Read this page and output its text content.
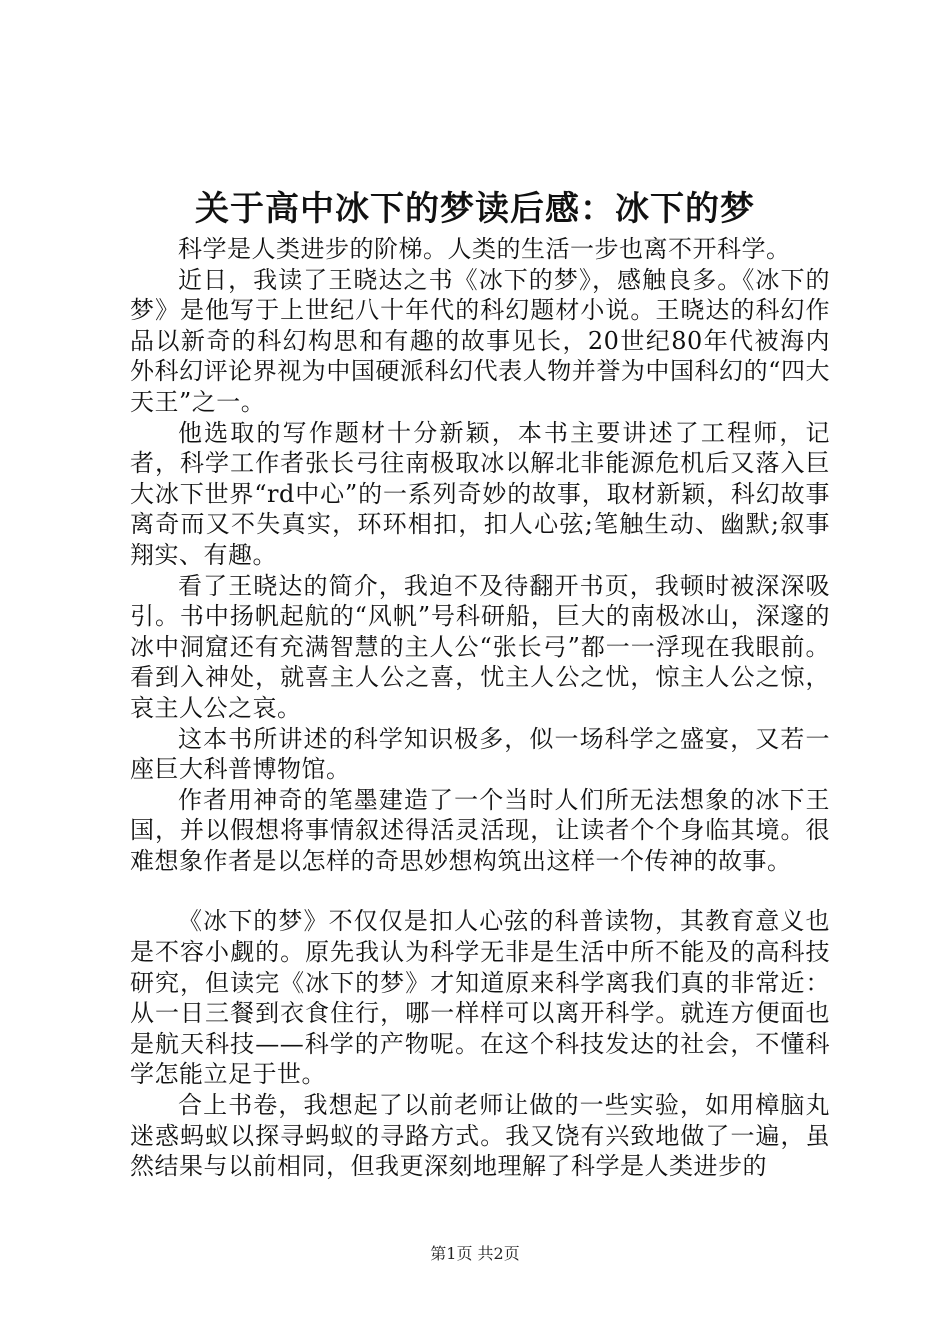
关于高中冰下的梦读后感：冰下的梦

科学是人类进步的阶梯。人类的生活一步也离不开科学。

近日，我读了王晓达之书《冰下的梦》，感触良多。《冰下的梦》是他写于上世纪八十年代的科幻题材小说。王晓达的科幻作品以新奇的科幻构思和有趣的故事见长，20世纪80年代被海内外科幻评论界视为中国硬派科幻代表人物并誉为中国科幻的“四大天王”之一。

他选取的写作题材十分新颖，本书主要讲述了工程师，记者，科学工作者张长弓往南极取冰以解北非能源危机后又落入巨大冰下世界“rd中心”的一系列奇妙的故事，取材新颖，科幻故事离奇而又不失真实，环环相扣，扣人心弦;笔触生动、幽默;叙事翔实、有趣。

看了王晓达的简介，我迫不及待翻开书页，我顿时被深深吸引。书中扬帆起航的“风帆”号科研船，巨大的南极冰山，深邃的冰中洞窟还有充满智慧的主人公“张长弓”都一一浮现在我眼前。看到入神处，就喜主人公之喜，忧主人公之忧，惊主人公之惊，哀主人公之哀。

这本书所讲述的科学知识极多，似一场科学之盛宴，又若一座巨大科普博物馆。

作者用神奇的笔墨建造了一个当时人们所无法想象的冰下王国，并以假想将事情叙述得活灵活现，让读者个个身临其境。很难想象作者是以怎样的奇思妙想构筑出这样一个传神的故事。

《冰下的梦》不仅仅是扣人心弦的科普读物，其教育意义也是不容小觑的。原先我认为科学无非是生活中所不能及的高科技研究，但读完《冰下的梦》才知道原来科学离我们真的非常近：从一日三餐到衣食住行，哪一样样可以离开科学。就连方便面也是航天科技——科学的产物呢。在这个科技发达的社会，不懂科学怎能立足于世。

合上书卷，我想起了以前老师让做的一些实验，如用樟脑丸迷惑蚂蚁以探寻蚂蚁的寻路方式。我又饶有兴致地做了一遍，虽然结果与以前相同，但我更深刻地理解了科学是人类进步的

第1页 共2页
